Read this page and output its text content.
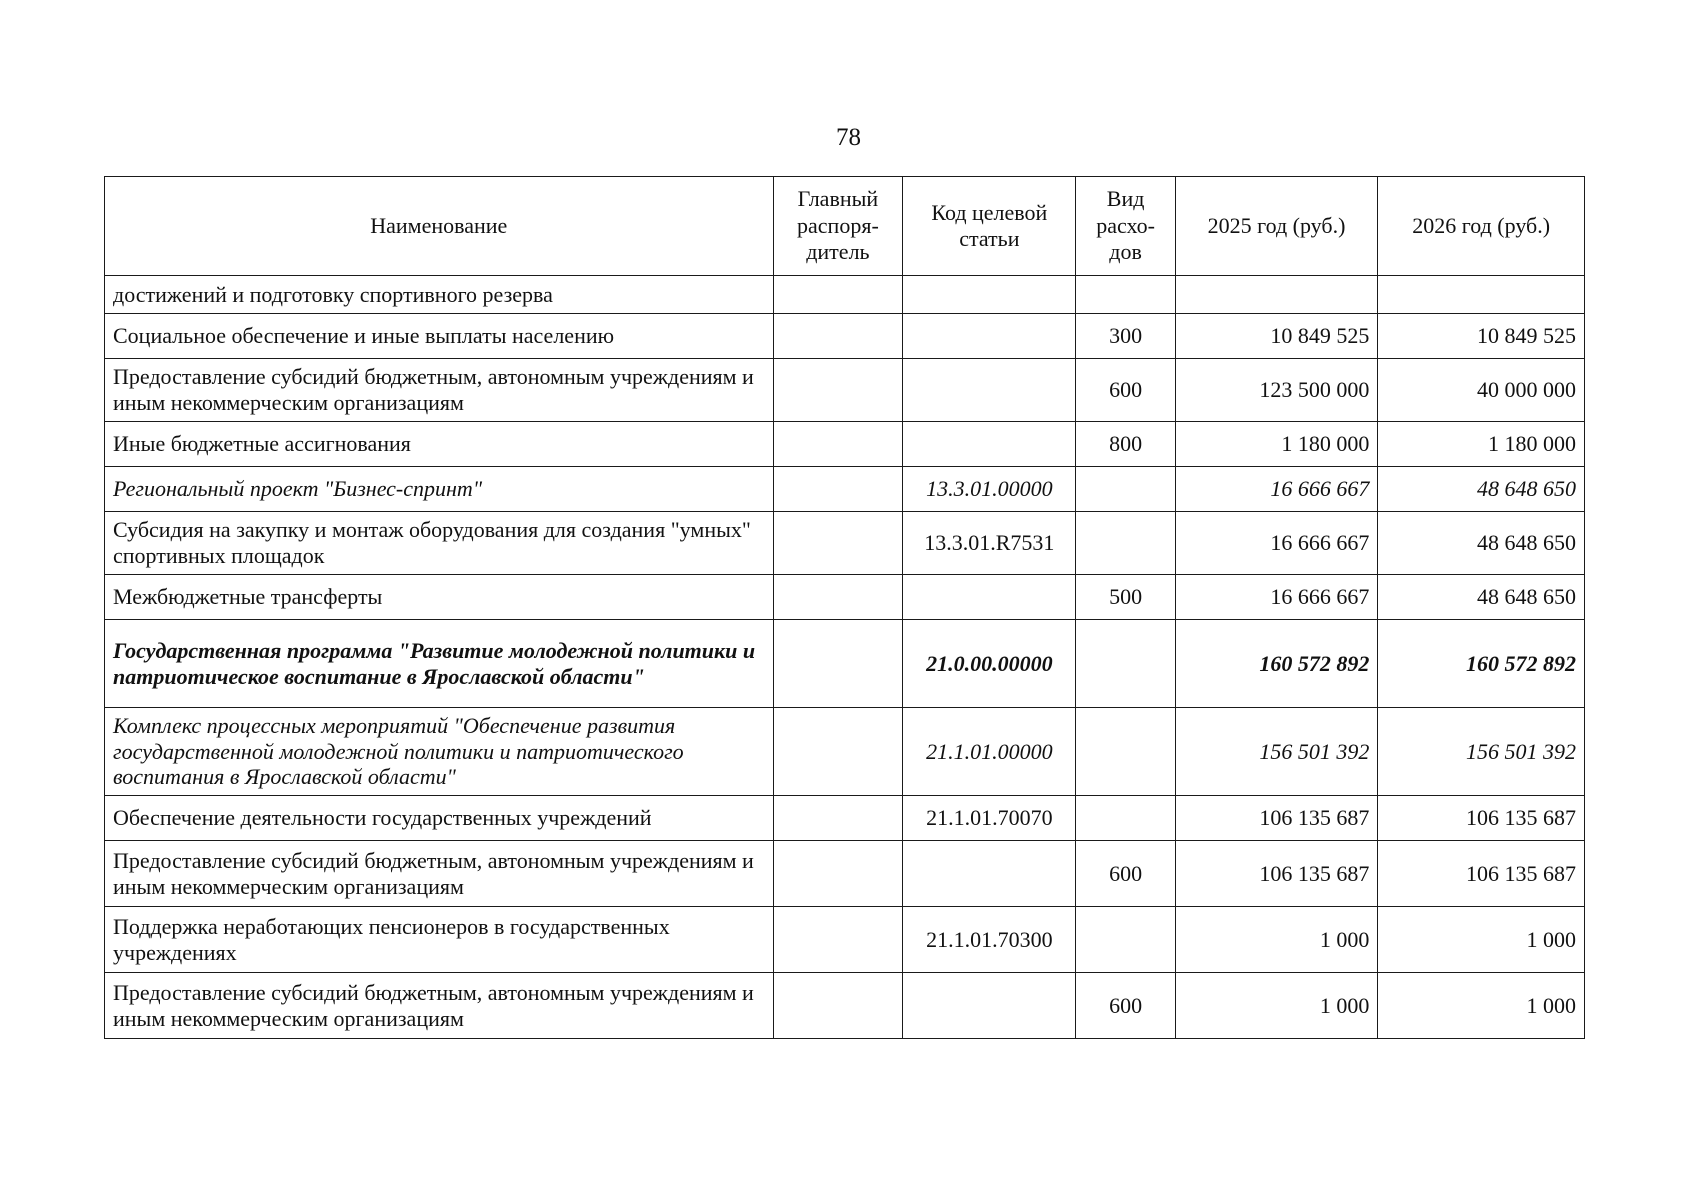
78
Наименование	Главный распоря-дитель	Код целевой статьи	Вид расхо-дов	2025 год (руб.)	2026 год (руб.)
достижений и подготовку спортивного резерва					
Социальное обеспечение и иные выплаты населению			300	10 849 525	10 849 525
Предоставление субсидий бюджетным, автономным учреждениям и иным некоммерческим организациям			600	123 500 000	40 000 000
Иные бюджетные ассигнования			800	1 180 000	1 180 000
Региональный проект "Бизнес-спринт"		13.3.01.00000		16 666 667	48 648 650
Субсидия на закупку и монтаж оборудования для создания "умных" спортивных площадок		13.3.01.R7531		16 666 667	48 648 650
Межбюджетные трансферты			500	16 666 667	48 648 650
Государственная программа "Развитие молодежной политики и патриотическое воспитание в Ярославской области"		21.0.00.00000		160 572 892	160 572 892
Комплекс процессных мероприятий "Обеспечение развития государственной молодежной политики и патриотического воспитания в Ярославской области"		21.1.01.00000		156 501 392	156 501 392
Обеспечение деятельности государственных учреждений		21.1.01.70070		106 135 687	106 135 687
Предоставление субсидий бюджетным, автономным учреждениям и иным некоммерческим организациям			600	106 135 687	106 135 687
Поддержка неработающих пенсионеров в государственных учреждениях		21.1.01.70300		1 000	1 000
Предоставление субсидий бюджетным, автономным учреждениям и иным некоммерческим организациям			600	1 000	1 000
